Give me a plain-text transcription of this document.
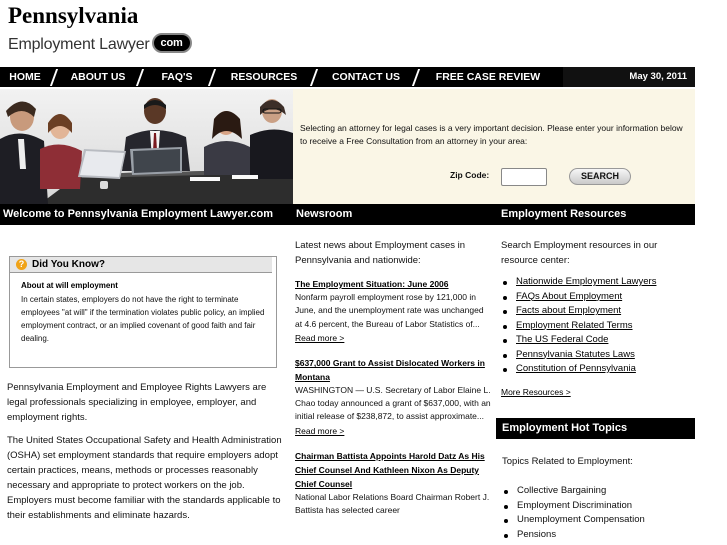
Pennsylvania
Employment Lawyer com
HOME	ABOUT US	FAQ'S	RESOURCES	CONTACT US	FREE CASE REVIEW	May 30, 2011
Selecting an attorney for legal cases is a very important decision. Please enter your information below to receive a Free Consultation from an attorney in your area:
Zip Code:	SEARCH
Welcome to Pennsylvania Employment Lawyer.com	Newsroom	Employment Resources
? Did You Know?
About at will employment
In certain states, employers do not have the right to terminate employees "at will" if the termination violates public policy, an implied employment contract, or an implied covenant of good faith and fair dealing.
Pennsylvania Employment and Employee Rights Lawyers are legal professionals specializing in employee, employer, and employment rights.
The United States Occupational Safety and Health Administration (OSHA) set employment standards that require employers adopt certain practices, means, methods or processes reasonably necessary and appropriate to protect workers on the job. Employers must become familiar with the standards applicable to their establishments and eliminate hazards.
Latest news about Employment cases in Pennsylvania and nationwide:
The Employment Situation: June 2006
Nonfarm payroll employment rose by 121,000 in June, and the unemployment rate was unchanged at 4.6 percent, the Bureau of Labor Statistics of...
Read more >
$637,000 Grant to Assist Dislocated Workers in Montana
WASHINGTON — U.S. Secretary of Labor Elaine L. Chao today announced a grant of $637,000, with an initial release of $238,872, to assist approximate...
Read more >
Chairman Battista Appoints Harold Datz As His Chief Counsel And Kathleen Nixon As Deputy Chief Counsel
National Labor Relations Board Chairman Robert J. Battista has selected career
Search Employment resources in our resource center:
Nationwide Employment Lawyers
FAQs About Employment
Facts about Employment
Employment Related Terms
The US Federal Code
Pennsylvania Statutes Laws
Constitution of Pennsylvania
More Resources >
Employment Hot Topics
Topics Related to Employment:
Collective Bargaining
Employment Discrimination
Unemployment Compensation
Pensions
